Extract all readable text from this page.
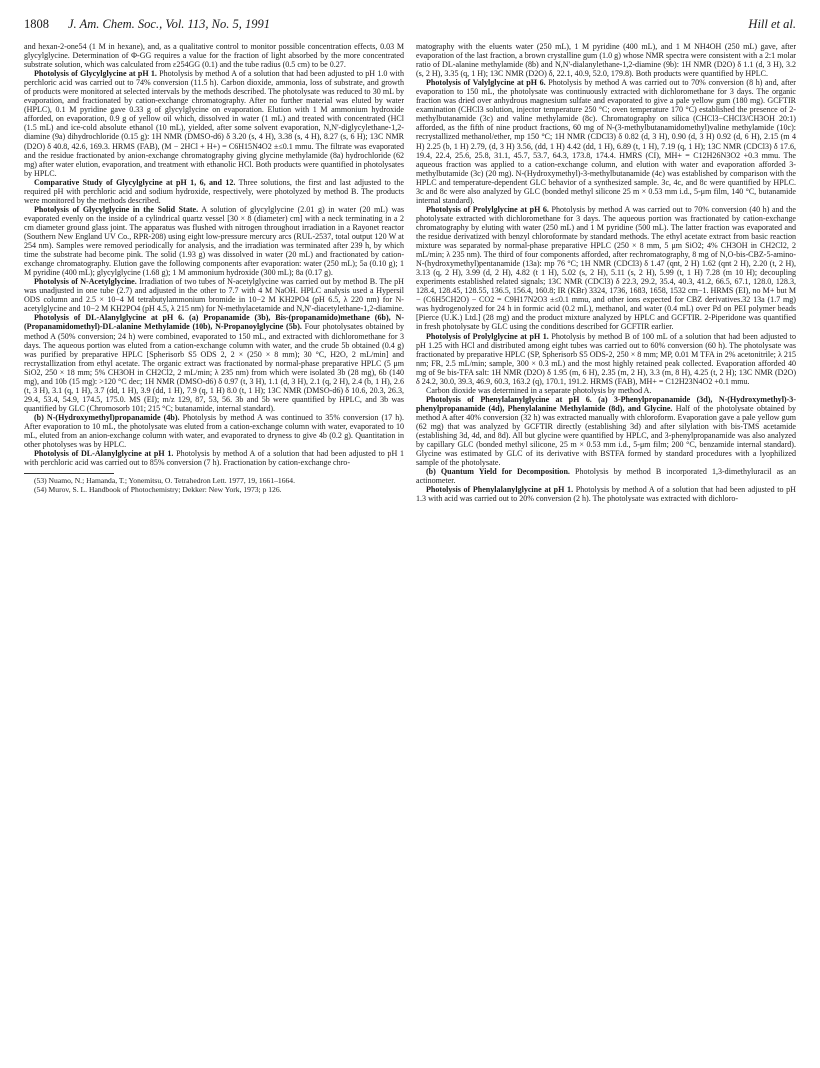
1808 J. Am. Chem. Soc., Vol. 113, No. 5, 1991	Hill et al.

and hexan-2-one54 (1 M in hexane), and, as a qualitative control to monitor possible concentration effects, 0.03 M glycylglycine. Determination of Φ-GG requires a value for the fraction of light absorbed by the more concentrated substrate solution, which was calculated from ε254GG (0.1) and the tube radius (0.5 cm) to be 0.27.

Photolysis of Glycylglycine at pH 1. Photolysis by method A of a solution that had been adjusted to pH 1.0 with perchloric acid was carried out to 74% conversion (11.5 h). Carbon dioxide, ammonia, loss of substrate, and growth of products were monitored at selected intervals by the methods described. The photolysate was reduced to 30 mL by evaporation, and fractionated by cation-exchange chromatography. After no further material was eluted by water (HPLC), 0.1 M pyridine gave 0.33 g of glycylglycine on evaporation. Elution with 1 M ammonium hydroxide afforded, on evaporation, 0.9 g of yellow oil which, dissolved in water (1 mL) and treated with concentrated (HCl (1.5 mL) and ice-cold absolute ethanol (10 mL), yielded, after some solvent evaporation, N,N'-diglycylethane-1,2-diamine (9a) dihydrochloride (0.15 g): 1H NMR (DMSO-d6) δ 3.20 (s, 4 H), 3.38 (s, 4 H), 8.27 (s, 6 H); 13C NMR (D2O) δ 40.8, 42.6, 169.3. HRMS (FAB), (M − 2HCl + H+) = C6H15N4O2 ±≤0.1 mmu. The filtrate was evaporated and the residue fractionated by anion-exchange chromatography giving glycine methylamide (8a) hydrochloride (62 mg) after water elution, evaporation, and treatment with ethanolic HCl. Both products were quantified in photolysates by HPLC.

Comparative Study of Glycylglycine at pH 1, 6, and 12. Three solutions, the first and last adjusted to the required pH with perchloric acid and sodium hydroxide, respectively, were photolyzed by method B. The products were monitored by the methods described.

Photolysis of Glycylglycine in the Solid State. A solution of glycylglycine (2.01 g) in water (20 mL) was evaporated evenly on the inside of a cylindrical quartz vessel [30 × 8 (diameter) cm] with a neck terminating in a 2 cm diameter ground glass joint. The apparatus was flushed with nitrogen throughout irradiation in a Rayonet reactor (Southern New England UV Co., RPR-208) using eight low-pressure mercury arcs (RUL-2537, total output 120 W at 254 nm). Samples were removed periodically for analysis, and the irradiation was terminated after 239 h, by which time the substrate had become pink. The solid (1.93 g) was dissolved in water (20 mL) and fractionated by cation-exchange chromatography. Elution gave the following components after evaporation: water (250 mL); 5a (0.10 g); 1 M pyridine (400 mL); glycylglycine (1.68 g); 1 M ammonium hydroxide (300 mL); 8a (0.17 g).

Photolysis of N-Acetylglycine. Irradiation of two tubes of N-acetylglycine was carried out by method B. The pH was unadjusted in one tube (2.7) and adjusted in the other to 7.7 with 4 M NaOH. HPLC analysis used a Hypersil ODS column and 2.5 × 10−4 M tetrabutylammonium bromide in 10−2 M KH2PO4 (pH 6.5, λ 220 nm) for N-acetylglycine and 10−2 M KH2PO4 (pH 4.5, λ 215 nm) for N-methylacetamide and N,N'-diacetylethane-1,2-diamine.

Photolysis of DL-Alanylglycine at pH 6. (a) Propanamide (3b), Bis-(propanamido)methane (6b), N-(Propanamidomethyl)-DL-alanine Methylamide (10b), N-Propanoylglycine (5b). Four photolysates obtained by method A (50% conversion; 24 h) were combined, evaporated to 150 mL, and extracted with dichloromethane for 3 days. The aqueous portion was eluted from a cation-exchange column with water, and the crude 5b obtained (0.4 g) was purified by preparative HPLC [Spherisorb S5 ODS 2, 2 × (250 × 8 mm); 30 °C, H2O, 2 mL/min] and recrystallization from ethyl acetate. The organic extract was fractionated by normal-phase preparative HPLC (5 μm SiO2, 250 × 18 mm; 5% CH3OH in CH2Cl2, 2 mL/min; λ 235 nm) from which were isolated 3b (28 mg), 6b (140 mg), and 10b (15 mg): >120 °C dec; 1H NMR (DMSO-d6) δ 0.97 (t, 3 H), 1.1 (d, 3 H), 2.1 (q, 2 H), 2.4 (b, 1 H), 2.6 (t, 3 H), 3.1 (q, 1 H), 3.7 (dd, 1 H), 3.9 (dd, 1 H), 7.9 (q, 1 H) 8.0 (t, 1 H); 13C NMR (DMSO-d6) δ 10.6, 20.3, 26.3, 29.4, 53.4, 54.9, 174.5, 175.0. MS (EI); m/z 129, 87, 53, 56. 3b and 5b were quantified by HPLC, and 3b was quantified by GLC (Chromosorb 101; 215 °C; butanamide, internal standard).

(b) N-(Hydroxymethyl)propanamide (4b). Photolysis by method A was continued to 35% conversion (17 h). After evaporation to 10 mL, the photolysate was eluted from a cation-exchange column with water, evaporated to 10 mL, eluted from an anion-exchange column with water, and evaporated to dryness to give 4b (0.2 g). Quantitation in other photolyses was by HPLC.

Photolysis of DL-Alanylglycine at pH 1. Photolysis by method A of a solution that had been adjusted to pH 1 with perchloric acid was carried out to 85% conversion (7 h). Fractionation by cation-exchange chro-

(53) Nuamo, N.; Hamanda, T.; Yonemitsu, O. Tetrahedron Lett. 1977, 19, 1661–1664.

(54) Murov, S. L. Handbook of Photochemistry; Dekker: New York, 1973; p 126.

matography with the eluents water (250 mL), 1 M pyridine (400 mL), and 1 M NH4OH (250 mL) gave, after evaporation of the last fraction, a brown crystalline gum (1.0 g) whose NMR spectra were consistent with a 2:1 molar ratio of DL-alanine methylamide (8b) and N,N'-dialanylethane-1,2-diamine (9b): 1H NMR (D2O) δ 1.1 (d, 3 H), 3.2 (s, 2 H), 3.35 (q, 1 H); 13C NMR (D2O) δ, 22.1, 40.9, 52.0, 179.8). Both products were quantified by HPLC.

Photolysis of Valylglycine at pH 6. Photolysis by method A was carried out to 70% conversion (8 h) and, after evaporation to 150 mL, the photolysate was continuously extracted with dichloromethane for 3 days. The organic fraction was dried over anhydrous magnesium sulfate and evaporated to give a pale yellow gum (180 mg). GCFTIR examination (CHCl3 solution, injector temperature 250 °C; oven temperature 170 °C) established the presence of 2-methylbutanamide (3c) and valine methylamide (8c). Chromatography on silica (CHCl3−CHCl3/CH3OH 20:1) afforded, as the fifth of nine product fractions, 60 mg of N-(3-methylbutanamidomethyl)valine methylamide (10c): recrystallized methanol/ether, mp 150 °C; 1H NMR (CDCl3) δ 0.82 (d, 3 H), 0.90 (d, 3 H) 0.92 (d, 6 H), 2.15 (m 4 H) 2.25 (b, 1 H) 2.79, (d, 3 H) 3.56, (dd, 1 H) 4.42 (dd, 1 H), 6.89 (t, 1 H), 7.19 (q, 1 H); 13C NMR (CDCl3) δ 17.6, 19.4, 22.4, 25.6, 25.8, 31.1, 45.7, 53.7, 64.3, 173.8, 174.4. HMRS (CI), MH+ = C12H26N3O2 +0.3 mmu. The aqueous fraction was applied to a cation-exchange column, and elution with water and evaporation afforded 3-methylbutamide (3c) (20 mg). N-(Hydroxymethyl)-3-methylbutanamide (4c) was established by comparison with the HPLC and temperature-dependent GLC behavior of a synthesized sample. 3c, 4c, and 8c were quantified by HPLC. 3c and 8c were also analyzed by GLC (bonded methyl silicone 25 m × 0.53 mm i.d., 5-μm film, 140 °C, butanamide internal standard).

Photolysis of Prolylglycine at pH 6. Photolysis by method A was carried out to 70% conversion (40 h) and the photolysate extracted with dichloromethane for 3 days. The aqueous portion was fractionated by cation-exchange chromatography by eluting with water (250 mL) and 1 M pyridine (500 mL). The latter fraction was evaporated and the residue derivatized with benzyl chloroformate by standard methods. The ethyl acetate extract from basic reaction mixture was separated by normal-phase preparative HPLC (250 × 8 mm, 5 μm SiO2; 4% CH3OH in CH2Cl2, 2 mL/min; λ 235 nm). The third of four components afforded, after rechromatography, 8 mg of N,O-bis-CBZ-5-amino-N-(hydroxymethyl)pentanamide (13a): mp 76 °C; 1H NMR (CDCl3) δ 1.47 (qnt, 2 H) 1.62 (qnt 2 H), 2.20 (t, 2 H), 3.13 (q, 2 H), 3.99 (d, 2 H), 4.82 (t 1 H), 5.02 (s, 2 H), 5.11 (s, 2 H), 5.99 (t, 1 H) 7.28 (m 10 H); decoupling experiments established related signals; 13C NMR (CDCl3) δ 22.3, 29.2, 35.4, 40.3, 41.2, 66.5, 67.1, 128.0, 128.3, 128.4, 128.45, 128.55, 136.5, 156.4, 160.8; IR (KBr) 3324, 1736, 1683, 1658, 1532 cm−1. HRMS (EI), no M+ but M − (C6H5CH2O) − CO2 = C9H17N2O3 ±≤0.1 mmu, and other ions expected for CBZ derivatives.32 13a (1.7 mg) was hydrogenolyzed for 24 h in formic acid (0.2 mL), methanol, and water (0.4 mL) over Pd on PEI polymer beads [Pierce (U.K.) Ltd.] (28 mg) and the product mixture analyzed by HPLC and GCFTIR. 2-Piperidone was quantified in fresh photolysate by GLC using the conditions described for GCFTIR earlier.

Photolysis of Prolylglycine at pH 1. Photolysis by method B of 100 mL of a solution that had been adjusted to pH 1.25 with HCl and distributed among eight tubes was carried out to 60% conversion (60 h). The photolysate was fractionated by preparative HPLC (SP, Spherisorb S5 ODS-2, 250 × 8 mm; MP, 0.01 M TFA in 2% acetonitrile; λ 215 nm; FR, 2.5 mL/min; sample, 300 × 0.3 mL) and the most highly retained peak collected. Evaporation afforded 40 mg of 9e bis-TFA salt: 1H NMR (D2O) δ 1.95 (m, 6 H), 2.35 (m, 2 H), 3.3 (m, 8 H), 4.25 (t, 2 H); 13C NMR (D2O) δ 24.2, 30.0, 39.3, 46.9, 60.3, 163.2 (q), 170.1, 191.2. HRMS (FAB), MH+ = C12H23N4O2 +0.1 mmu.

Carbon dioxide was determined in a separate photolysis by method A.

Photolysis of Phenylalanylglycine at pH 6. (a) 3-Phenylpropanamide (3d), N-(Hydroxymethyl)-3-phenylpropanamide (4d), Phenylalanine Methylamide (8d), and Glycine. Half of the photolysate obtained by method A after 40% conversion (32 h) was extracted manually with chloroform. Evaporation gave a pale yellow gum (62 mg) that was analyzed by GCFTIR directly (establishing 3d) and after silylation with bis-TMS acetamide (establishing 3d, 4d, and 8d). All but glycine were quantified by HPLC, and 3-phenylpropanamide was also analyzed by capillary GLC (bonded methyl silicone, 25 m × 0.53 mm i.d., 5-μm film; 200 °C, benzamide internal standard). Glycine was estimated by GLC of its derivative with BSTFA formed by standard procedures with a lyophilized sample of the photolysate.

(b) Quantum Yield for Decomposition. Photolysis by method B incorporated 1,3-dimethyluracil as an actinometer.

Photolysis of Phenylalanylglycine at pH 1. Photolysis by method A of a solution that had been adjusted to pH 1.3 with acid was carried out to 20% conversion (2 h). The photolysate was extracted with dichloro-
